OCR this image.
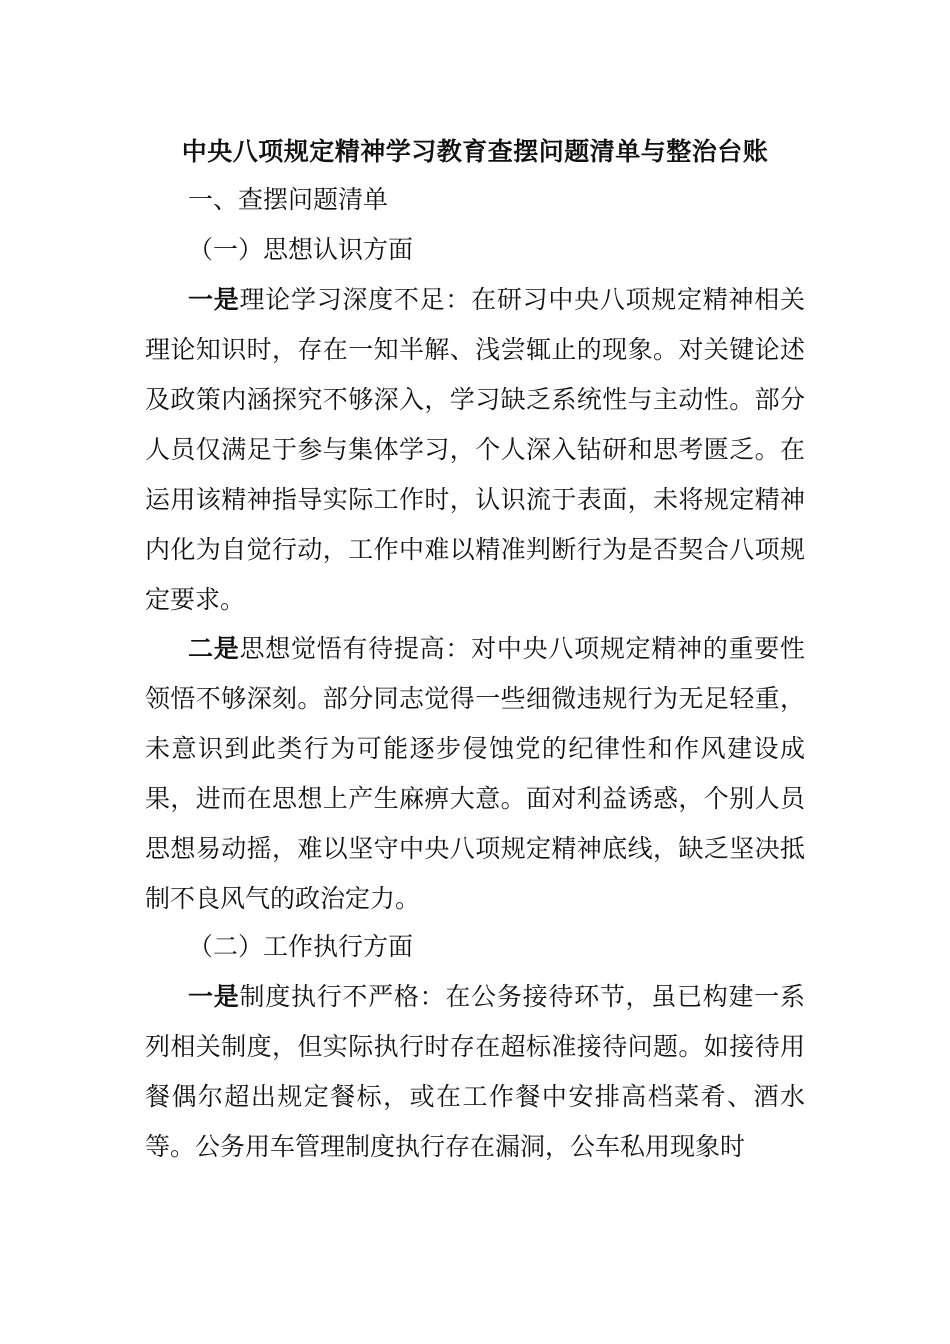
中央八项规定精神学习教育查摆问题清单与整治台账
一、查摆问题清单
（一）思想认识方面

一是理论学习深度不足：在研习中央八项规定精神相关理论知识时，存在一知半解、浅尝辄止的现象。对关键论述及政策内涵探究不够深入，学习缺乏系统性与主动性。部分人员仅满足于参与集体学习，个人深入钻研和思考匮乏。在运用该精神指导实际工作时，认识流于表面，未将规定精神内化为自觉行动，工作中难以精准判断行为是否契合八项规定要求。

二是思想觉悟有待提高：对中央八项规定精神的重要性领悟不够深刻。部分同志觉得一些细微违规行为无足轻重，未意识到此类行为可能逐步侵蚀党的纪律性和作风建设成果，进而在思想上产生麻痹大意。面对利益诱惑，个别人员思想易动摇，难以坚守中央八项规定精神底线，缺乏坚决抵制不良风气的政治定力。

（二）工作执行方面

一是制度执行不严格：在公务接待环节，虽已构建一系列相关制度，但实际执行时存在超标准接待问题。如接待用餐偶尔超出规定餐标，或在工作餐中安排高档菜肴、酒水等。公务用车管理制度执行存在漏洞，公车私用现象时
